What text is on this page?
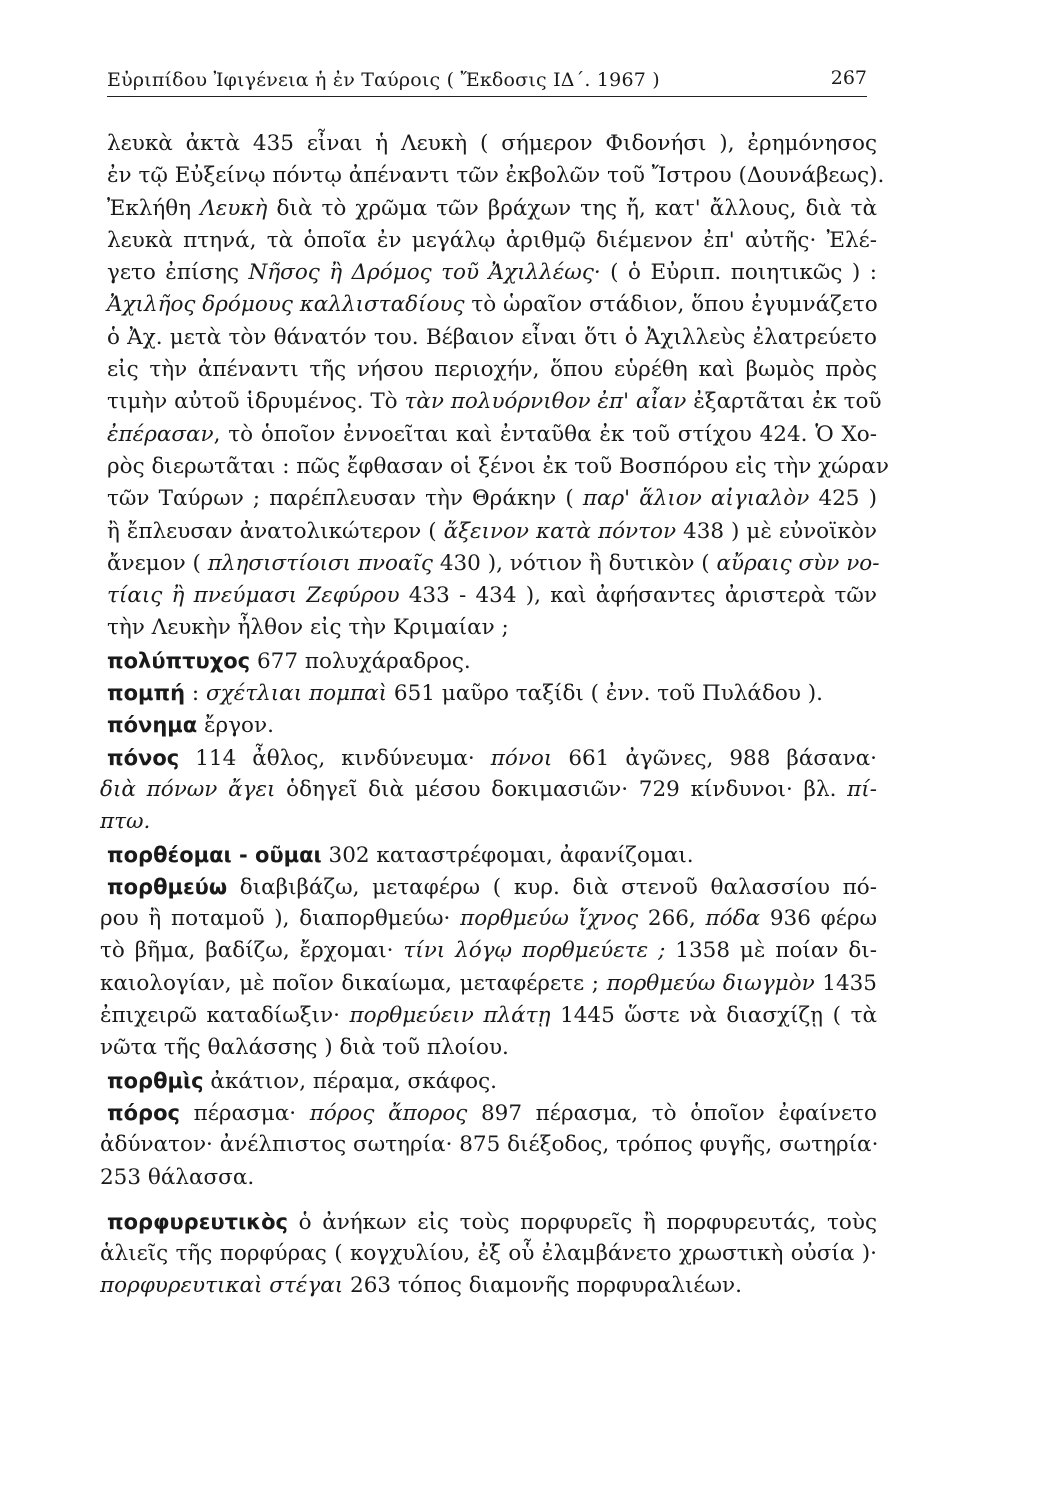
Εὐριπίδου Ἰφιγένεια ἡ ἐν Ταύροις ( Ἔκδοσις ΙΔ΄. 1967 )	267
λευκὰ ἀκτὰ 435 εἶναι ἡ Λευκὴ ( σήμερον Φιδονήσι ), ἐρημόνησος
ἐν τῷ Εὐξείνῳ πόντῳ ἀπέναντι τῶν ἐκβολῶν τοῦ Ἴστρου (Δουνάβεως).
Ἐκλήθη Λευκὴ διὰ τὸ χρῶμα τῶν βράχων της ἤ, κατ' ἄλλους, διὰ τὰ
λευκὰ πτηνά, τὰ ὁποῖα ἐν μεγάλῳ ἀριθμῷ διέμενον ἐπ' αὐτῆς· Ἐλέ-
γετο ἐπίσης Νῆσος ἢ Δρόμος τοῦ Ἀχιλλέως· ( ὁ Εὐριπ. ποιητικῶς ) :
Ἀχιλῆος δρόμους καλλισταδίους τὸ ὡραῖον στάδιον, ὅπου ἐγυμνάζετο
ὁ Ἀχ. μετὰ τὸν θάνατόν του. Βέβαιον εἶναι ὅτι ὁ Ἀχιλλεὺς ἐλατρεύετο
εἰς τὴν ἀπέναντι τῆς νήσου περιοχήν, ὅπου εὑρέθη καὶ βωμὸς πρὸς
τιμὴν αὐτοῦ ἱδρυμένος. Τὸ τὰν πολυόρνιθον ἐπ' αἶαν ἐξαρτᾶται ἐκ τοῦ
ἐπέρασαν, τὸ ὁποῖον ἐννοεῖται καὶ ἐνταῦθα ἐκ τοῦ στίχου 424. Ὁ Χο-
ρὸς διερωτᾶται : πῶς ἔφθασαν οἱ ξένοι ἐκ τοῦ Βοσπόρου εἰς τὴν χώραν
τῶν Ταύρων ; παρέπλευσαν τὴν Θράκην ( παρ' ἅλιον αἰγιαλὸν 425 )
ἢ ἔπλευσαν ἀνατολικώτερον ( ἄξεινον κατὰ πόντον 438 ) μὲ εὐνοϊκὸν
ἄνεμον ( πλησιστίοισι πνοαῖς 430 ), νότιον ἢ δυτικὸν ( αὔραις σὺν νο-
τίαις ἢ πνεύμασι Ζεφύρου 433 - 434 ), καὶ ἀφήσαντες ἀριστερὰ τῶν
τὴν Λευκὴν ἦλθον εἰς τὴν Κριμαίαν ;
πολύπτυχος 677 πολυχάραδρος.
πομπή : σχέτλιαι πομπαὶ 651 μαῦρο ταξίδι ( ἐνν. τοῦ Πυλάδου ).
πόνημα ἔργον.
πόνος 114 ἆθλος, κινδύνευμα· πόνοι 661 ἀγῶνες, 988 βάσανα·
διὰ πόνων ἄγει ὁδηγεῖ διὰ μέσου δοκιμασιῶν· 729 κίνδυνοι· βλ. πί-
πτω.
πορθέομαι - οῦμαι 302 καταστρέφομαι, ἀφανίζομαι.
πορθμεύω διαβιβάζω, μεταφέρω ( κυρ. διὰ στενοῦ θαλασσίου πό-
ρου ἢ ποταμοῦ ), διαπορθμεύω· πορθμεύω ἴχνος 266, πόδα 936 φέρω
τὸ βῆμα, βαδίζω, ἔρχομαι· τίνι λόγῳ πορθμεύετε ; 1358 μὲ ποίαν δι-
καιολογίαν, μὲ ποῖον δικαίωμα, μεταφέρετε ; πορθμεύω διωγμὸν 1435
ἐπιχειρῶ καταδίωξιν· πορθμεύειν πλάτῃ 1445 ὥστε νὰ διασχίζῃ ( τὰ
νῶτα τῆς θαλάσσης ) διὰ τοῦ πλοίου.
πορθμὶς ἀκάτιον, πέραμα, σκάφος.
πόρος πέρασμα· πόρος ἄπορος 897 πέρασμα, τὸ ὁποῖον ἐφαίνετο
ἀδύνατον· ἀνέλπιστος σωτηρία· 875 διέξοδος, τρόπος φυγῆς, σωτηρία·
253 θάλασσα.
πορφυρευτικὸς ὁ ἀνήκων εἰς τοὺς πορφυρεῖς ἢ πορφυρευτάς, τοὺς
ἁλιεῖς τῆς πορφύρας ( κογχυλίου, ἐξ οὗ ἐλαμβάνετο χρωστικὴ οὐσία )·
πορφυρευτικαὶ στέγαι 263 τόπος διαμονῆς πορφυραλιέων.
